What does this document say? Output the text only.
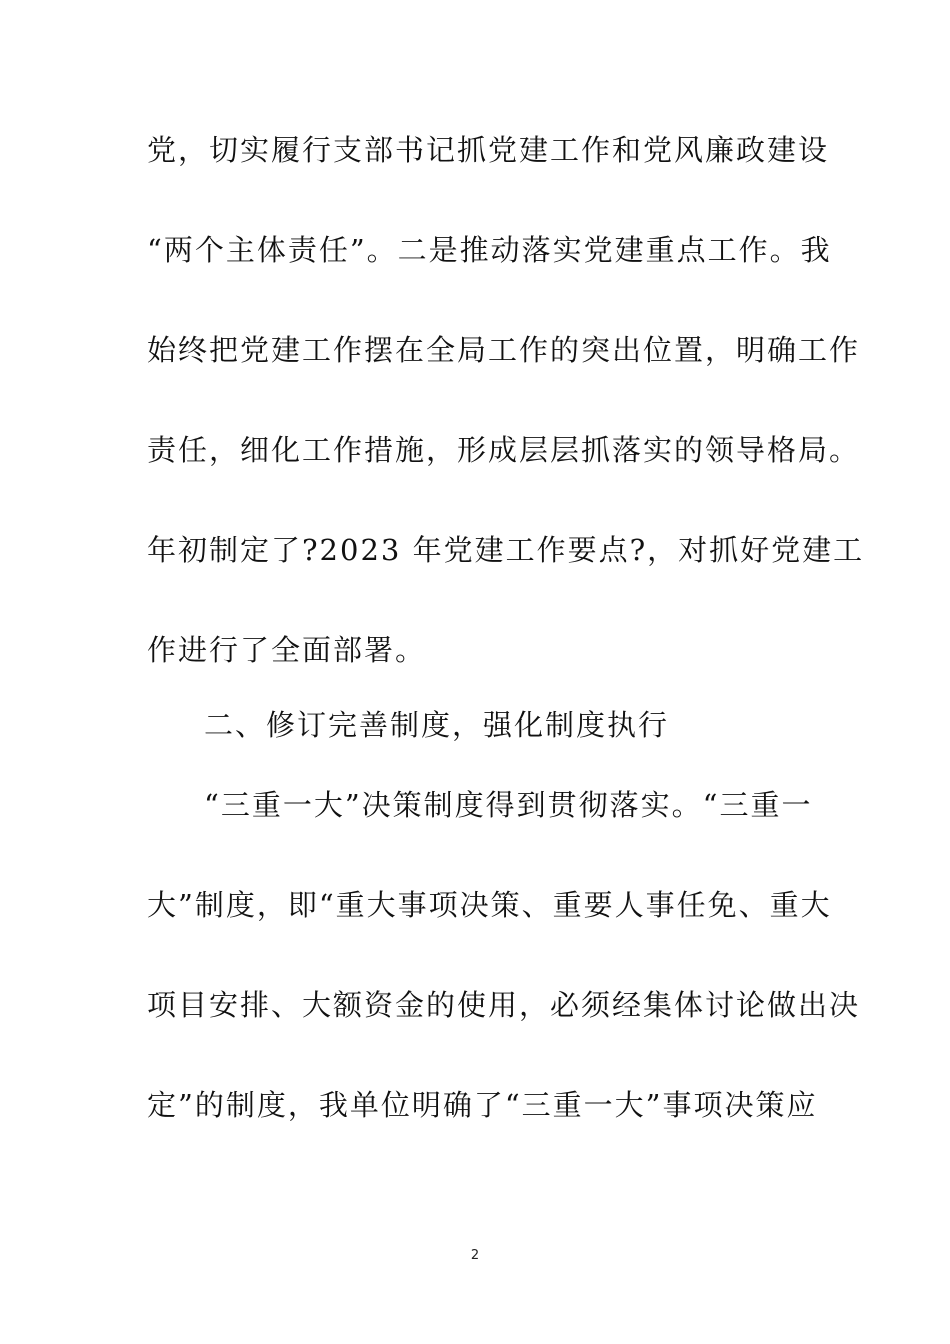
党，切实履行支部书记抓党建工作和党风廉政建设
“两个主体责任”。二是推动落实党建重点工作。我
始终把党建工作摆在全局工作的突出位置，明确工作
责任，细化工作措施，形成层层抓落实的领导格局。
年初制定了?2023 年党建工作要点?，对抓好党建工
作进行了全面部署。
二、修订完善制度，强化制度执行
“三重一大”决策制度得到贯彻落实。“三重一
大”制度，即“重大事项决策、重要人事任免、重大
项目安排、大额资金的使用，必须经集体讨论做出决
定”的制度，我单位明确了“三重一大”事项决策应
2
